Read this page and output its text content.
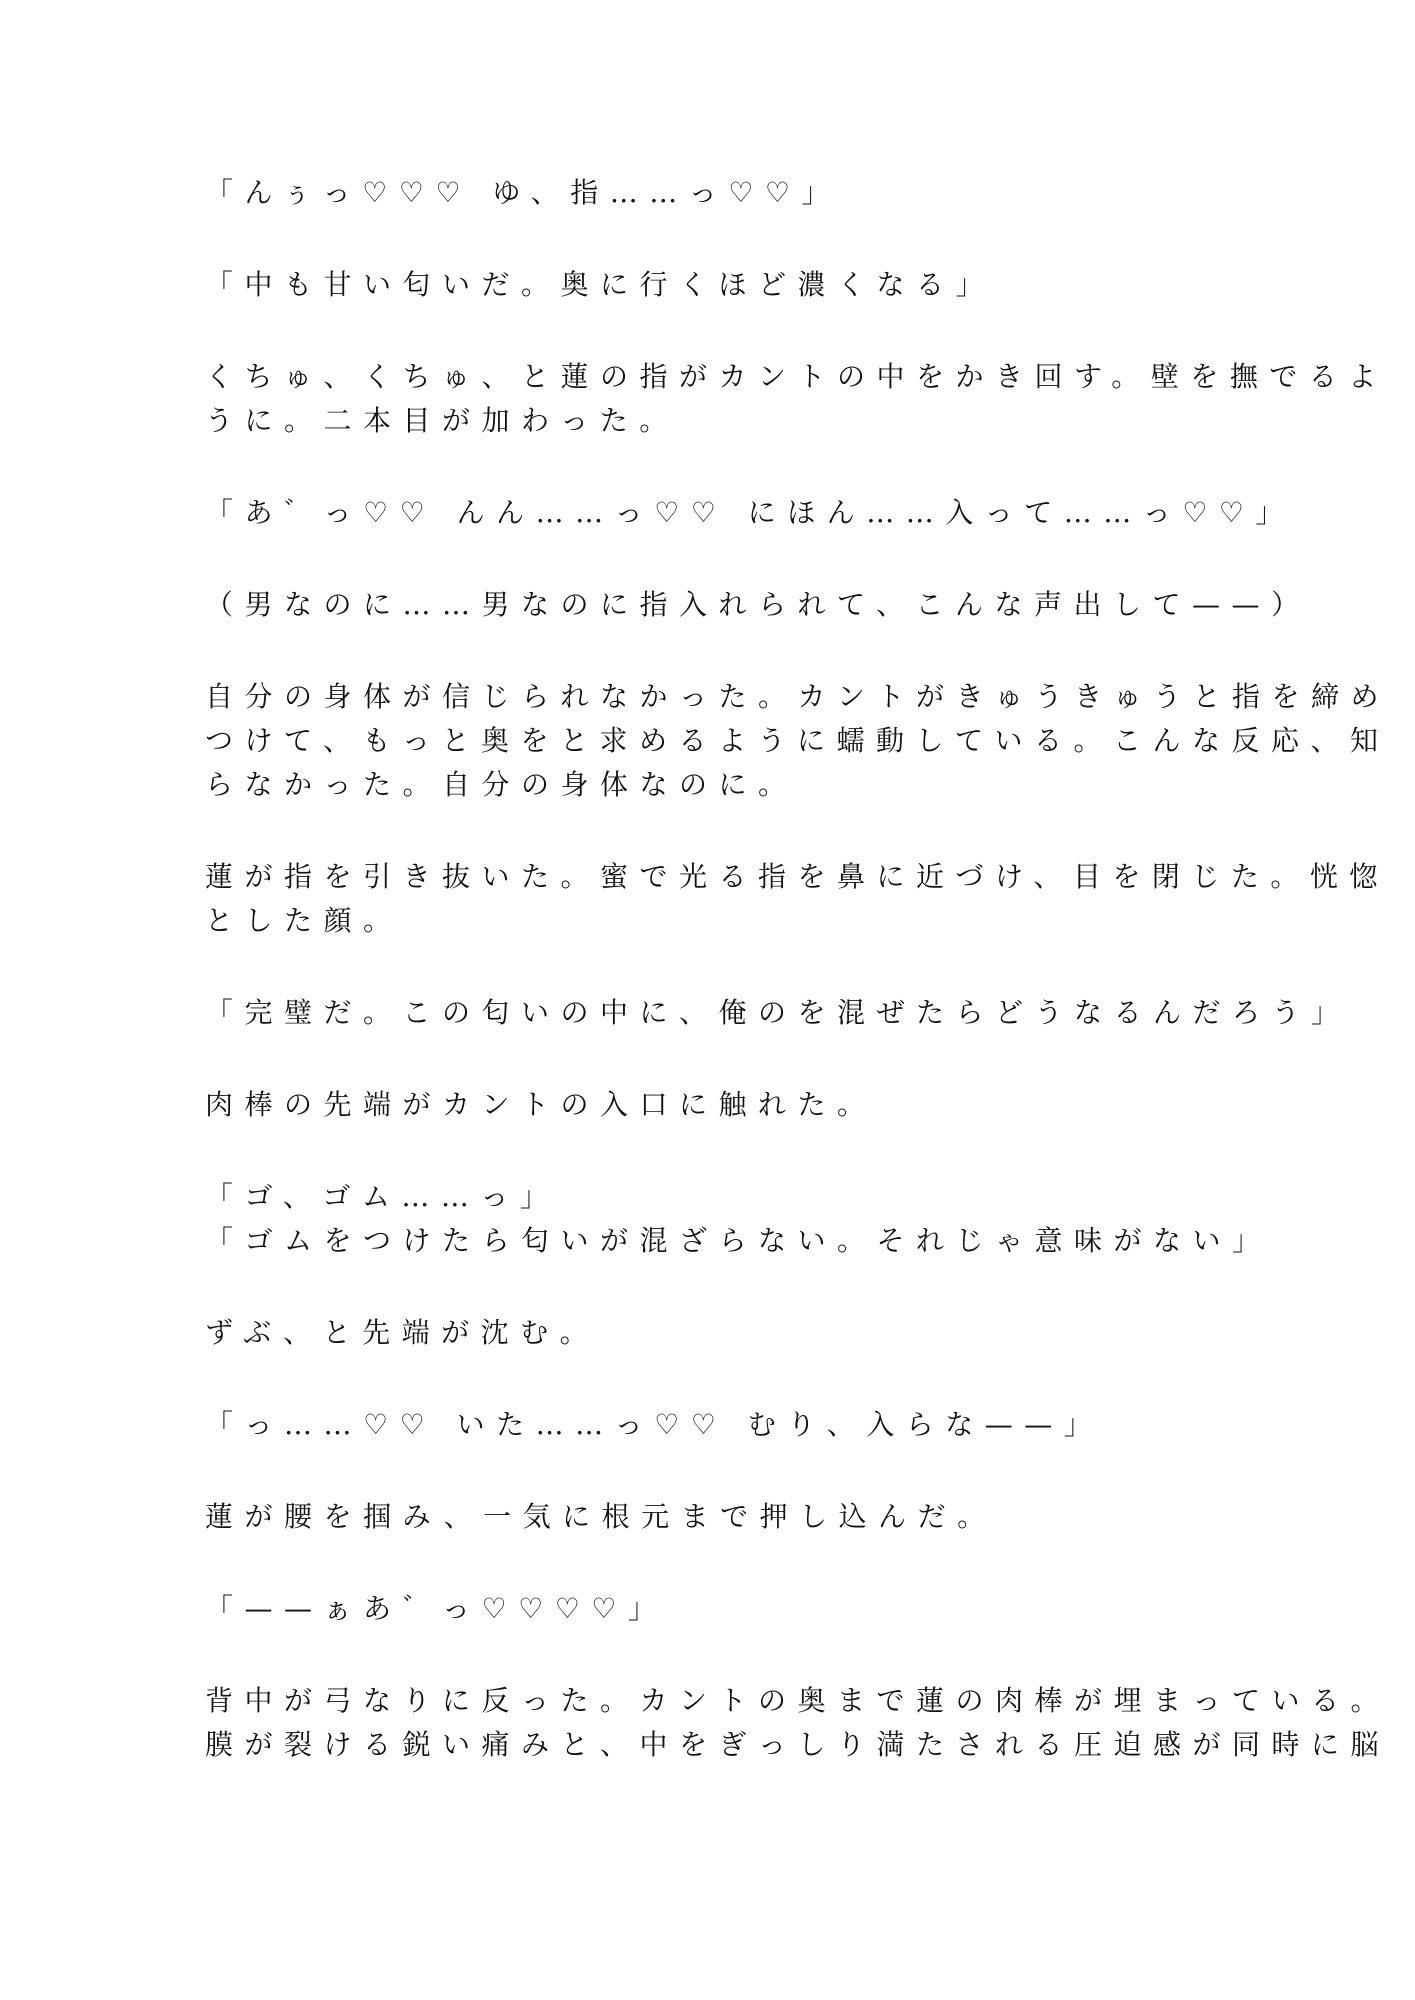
「んぅっ♡♡♡ ゆ、指……っ♡♡」
「中も甘い匂いだ。奥に行くほど濃くなる」
くちゅ、くちゅ、と蓮の指がカントの中をかき回す。壁を撫でるよ
うに。二本目が加わった。
「あ゛っ♡♡ んん……っ♡♡ にほん……入って……っ♡♡」
（男なのに……男なのに指入れられて、こんな声出して——）
自分の身体が信じられなかった。カントがきゅうきゅうと指を締め
つけて、もっと奥をと求めるように蠕動している。こんな反応、知
らなかった。自分の身体なのに。
蓮が指を引き抜いた。蜜で光る指を鼻に近づけ、目を閉じた。恍惚
とした顔。
「完璧だ。この匂いの中に、俺のを混ぜたらどうなるんだろう」
肉棒の先端がカントの入口に触れた。
「ゴ、ゴム……っ」
「ゴムをつけたら匂いが混ざらない。それじゃ意味がない」
ずぶ、と先端が沈む。
「っ……♡♡ いた……っ♡♡ むり、入らな——」
蓮が腰を掴み、一気に根元まで押し込んだ。
「——ぁあ゛っ♡♡♡♡」
背中が弓なりに反った。カントの奥まで蓮の肉棒が埋まっている。
膜が裂ける鋭い痛みと、中をぎっしり満たされる圧迫感が同時に脳
